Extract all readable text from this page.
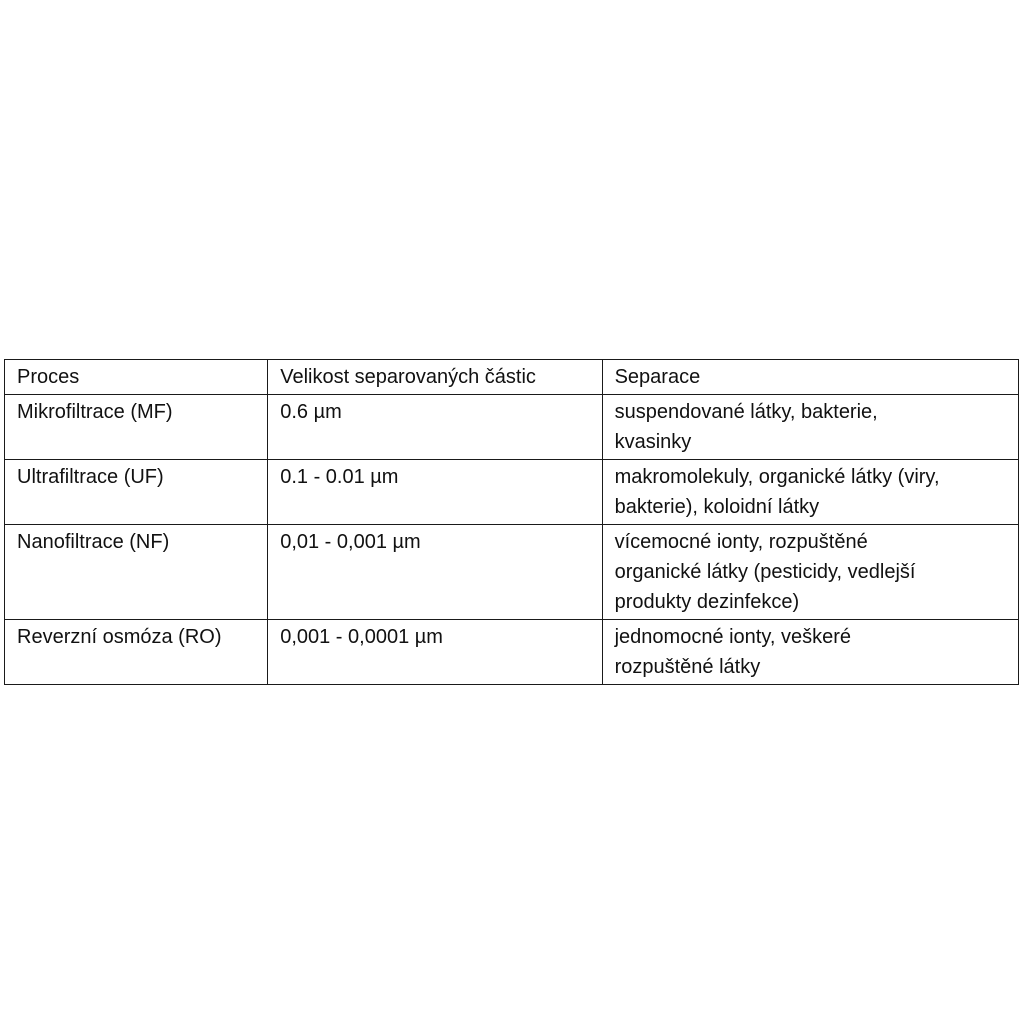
Proces	Velikost separovaných částic	Separace
Mikrofiltrace (MF)	0.6 µm	suspendované látky, bakterie,
kvasinky
Ultrafiltrace (UF)	0.1 - 0.01 µm	makromolekuly, organické látky (viry,
bakterie), koloidní látky
Nanofiltrace (NF)	0,01 - 0,001 µm	vícemocné ionty, rozpuštěné
organické látky (pesticidy, vedlejší
produkty dezinfekce)
Reverzní osmóza (RO)	0,001 - 0,0001 µm	jednomocné ionty, veškeré
rozpuštěné látky
